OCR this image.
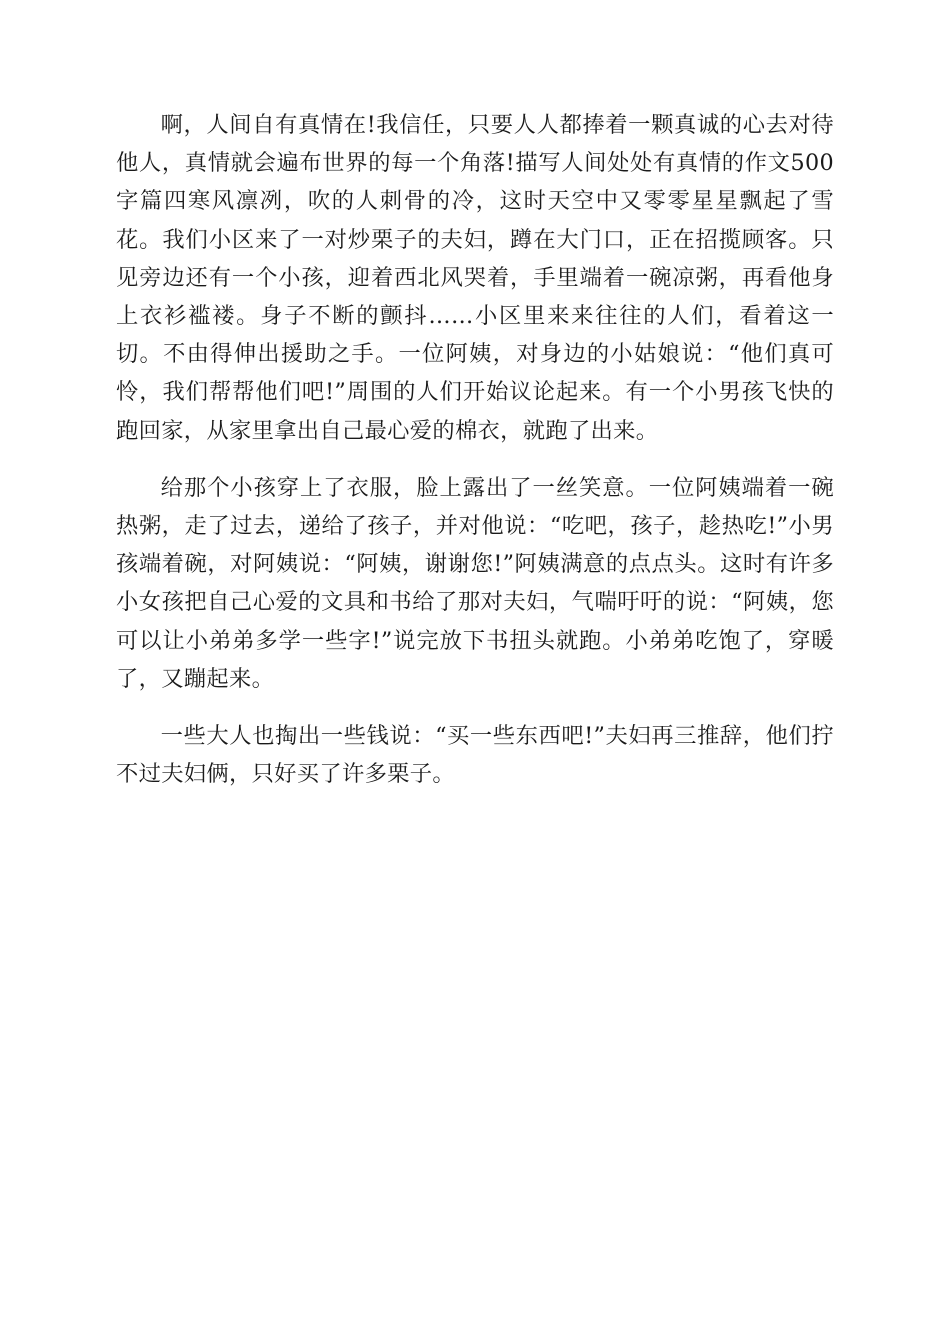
啊，人间自有真情在!我信任，只要人人都捧着一颗真诚的心去对待他人，真情就会遍布世界的每一个角落!描写人间处处有真情的作文500字篇四寒风凛冽，吹的人刺骨的冷，这时天空中又零零星星飘起了雪花。我们小区来了一对炒栗子的夫妇，蹲在大门口，正在招揽顾客。只见旁边还有一个小孩，迎着西北风哭着，手里端着一碗凉粥，再看他身上衣衫褴褛。身子不断的颤抖……小区里来来往往的人们，看着这一切。不由得伸出援助之手。一位阿姨，对身边的小姑娘说：“他们真可怜，我们帮帮他们吧!”周围的人们开始议论起来。有一个小男孩飞快的跑回家，从家里拿出自己最心爱的棉衣，就跑了出来。

给那个小孩穿上了衣服，脸上露出了一丝笑意。一位阿姨端着一碗热粥，走了过去，递给了孩子，并对他说：“吃吧，孩子，趁热吃!”小男孩端着碗，对阿姨说：“阿姨，谢谢您!”阿姨满意的点点头。这时有许多小女孩把自己心爱的文具和书给了那对夫妇，气喘吁吁的说：“阿姨，您可以让小弟弟多学一些字!”说完放下书扭头就跑。小弟弟吃饱了，穿暖了，又蹦起来。

一些大人也掏出一些钱说：“买一些东西吧!”夫妇再三推辞，他们拧不过夫妇俩，只好买了许多栗子。
